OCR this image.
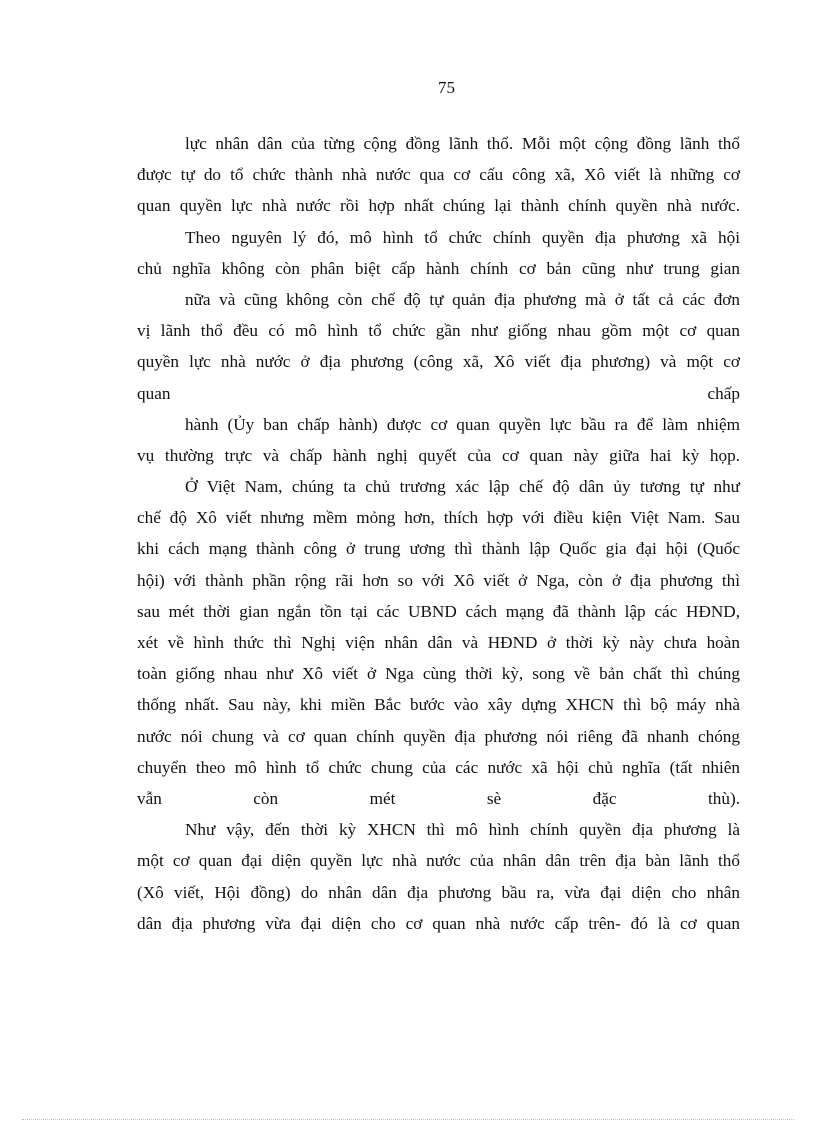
75
lực nhân dân của từng cộng đồng lãnh thổ. Mỗi một cộng đồng lãnh thổ
được tự do tổ chức thành nhà nước qua cơ cấu công xã, Xô viết là những cơ
quan quyền lực nhà nước rồi hợp nhất chúng lại thành chính quyền nhà nước.
Theo nguyên lý đó, mô hình tổ chức chính quyền địa phương xã hội
chủ nghĩa không còn phân biệt cấp hành chính cơ bản cũng như trung gian
nữa và cũng không còn chế độ tự quản địa phương mà ở tất cả các đơn
vị lãnh thổ đều có mô hình tổ chức gần như giống nhau gồm một cơ quan
quyền lực nhà nước ở địa phương (công xã, Xô viết địa phương) và một cơ
quan chấp
hành (Ủy ban chấp hành) được cơ quan quyền lực bầu ra để làm nhiệm
vụ thường trực và chấp hành nghị quyết của cơ quan này giữa hai kỳ họp.
Ở Việt Nam, chúng ta chủ trương xác lập chế độ dân ủy tương tự như
chế độ Xô viết nhưng mềm mỏng hơn, thích hợp với điều kiện Việt Nam. Sau
khi cách mạng thành công ở trung ương thì thành lập Quốc gia đại hội (Quốc
hội) với thành phần rộng rãi hơn so với Xô viết ở Nga, còn ở địa phương thì
sau mét thời gian ngắn tồn tại các UBND cách mạng đã thành lập các HĐND,
xét về hình thức thì Nghị viện nhân dân và HĐND ở thời kỳ này chưa hoàn
toàn giống nhau như Xô viết ở Nga cùng thời kỳ, song về bản chất thì chúng
thống nhất. Sau này, khi miền Bắc bước vào xây dựng XHCN thì bộ máy nhà
nước nói chung và cơ quan chính quyền địa phương nói riêng đã nhanh chóng
chuyển theo mô hình tổ chức chung của các nước xã hội chủ nghĩa (tất nhiên
vẫn còn mét sè đặc thù).
Như vậy, đến thời kỳ XHCN thì mô hình chính quyền địa phương là
một cơ quan đại diện quyền lực nhà nước của nhân dân trên địa bàn lãnh thổ
(Xô viết, Hội đồng) do nhân dân địa phương bầu ra, vừa đại diện cho nhân
dân địa phương vừa đại diện cho cơ quan nhà nước cấp trên- đó là cơ quan
